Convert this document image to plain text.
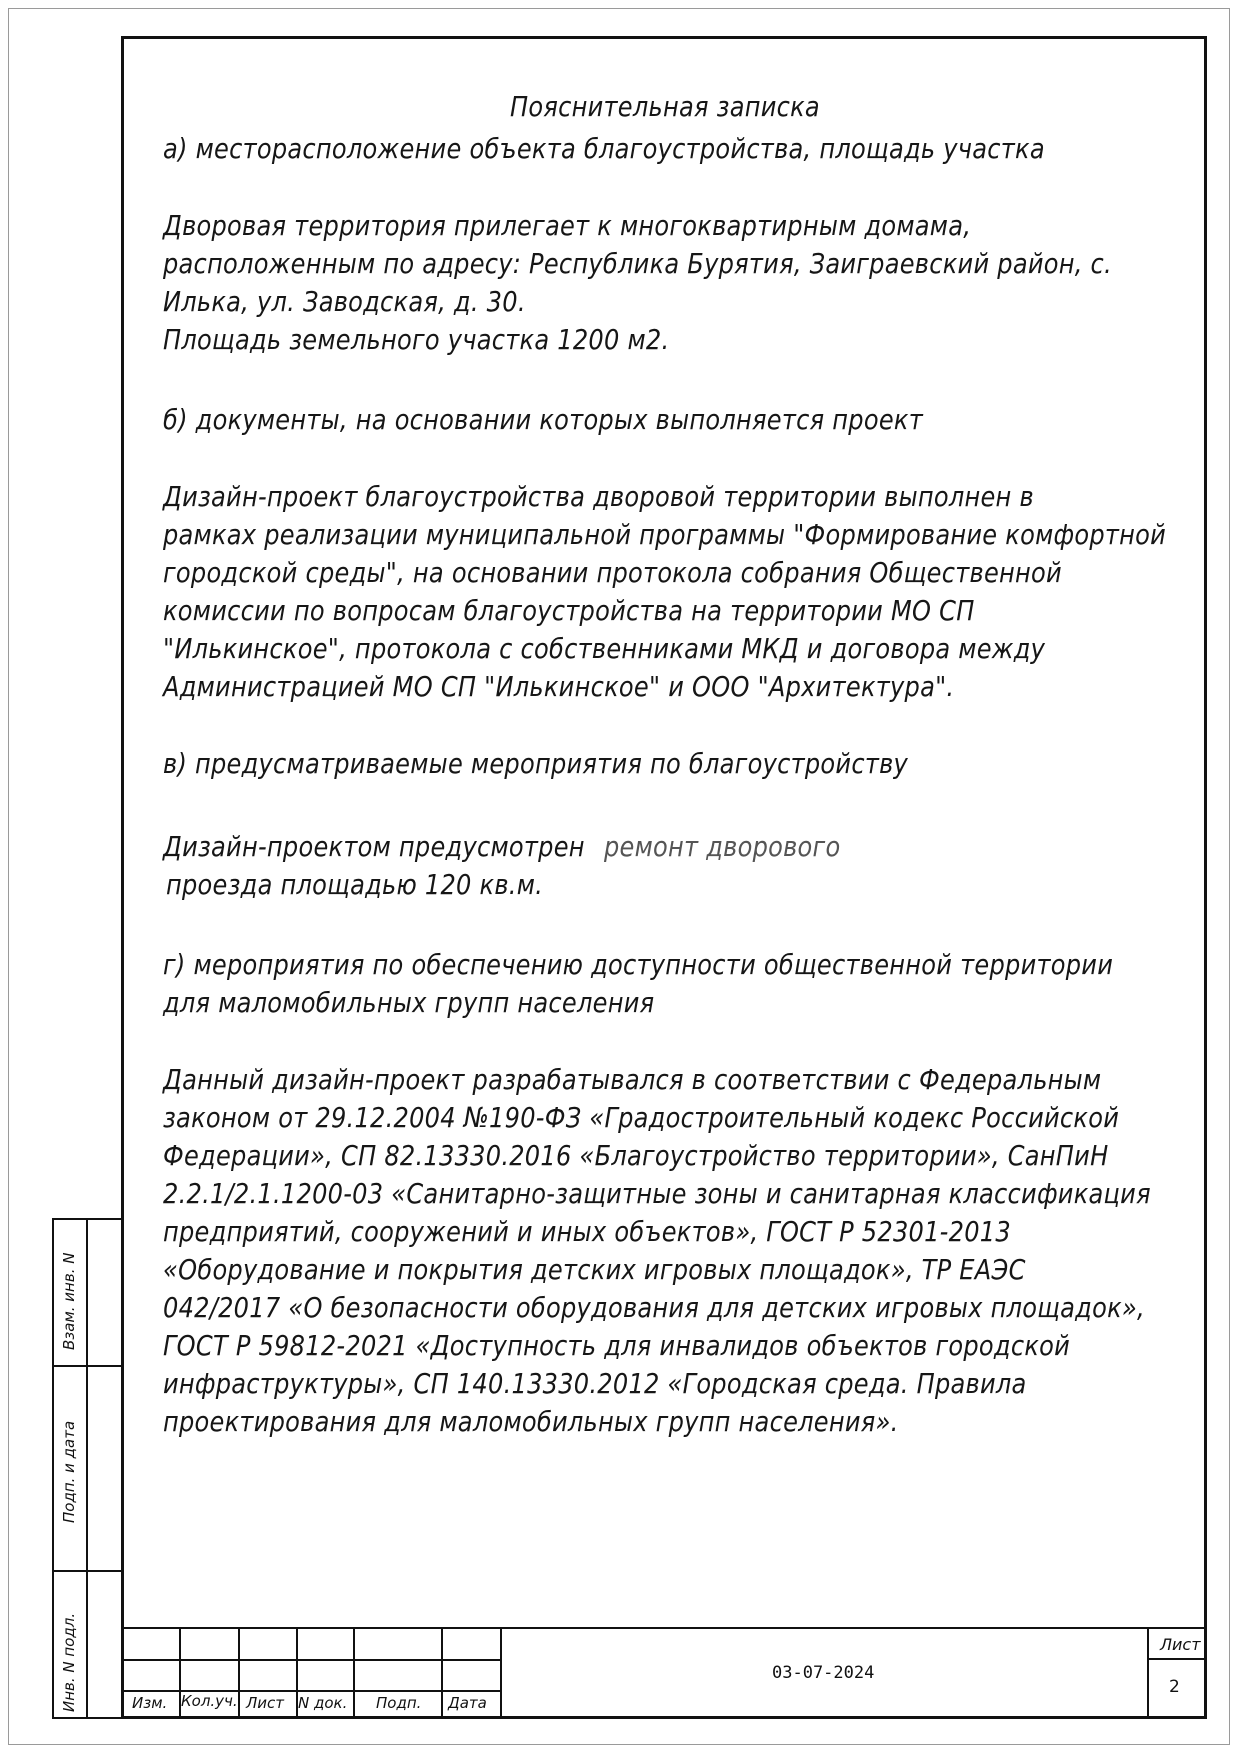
Пояснительная записка
а) месторасположение объекта благоустройства, площадь участка
Дворовая территория прилегает к многоквартирным домама,
расположенным по адресу: Республика Бурятия, Заиграевский район, с.
Илька, ул. Заводская, д. 30.
Площадь земельного участка 1200 м2.
б) документы, на основании которых выполняется проект
Дизайн-проект благоустройства дворовой территории выполнен в
рамках реализации муниципальной программы "Формирование комфортной
городской среды", на основании протокола собрания Общественной
комиссии по вопросам благоустройства на территории МО СП
"Илькинское", протокола с собственниками МКД и договора между
Администрацией МО СП "Илькинское" и ООО "Архитектура".
в) предусматриваемые мероприятия по благоустройству
Дизайн-проектом предусмотрен ремонт дворового
проезда площадью 120 кв.м.
г) мероприятия по обеспечению доступности общественной территории
для маломобильных групп населения
Данный дизайн-проект разрабатывался в соответствии с Федеральным
законом от 29.12.2004 №190-ФЗ «Градостроительный кодекс Российской
Федерации», СП 82.13330.2016 «Благоустройство территории», СанПиН
2.2.1/2.1.1200-03 «Санитарно-защитные зоны и санитарная классификация
предприятий, сооружений и иных объектов», ГОСТ Р 52301-2013
«Оборудование и покрытия детских игровых площадок», ТР ЕАЭС
042/2017 «О безопасности оборудования для детских игровых площадок»,
ГОСТ Р 59812-2021 «Доступность для инвалидов объектов городской
инфраструктуры», СП 140.13330.2012 «Городская среда. Правила
проектирования для маломобильных групп населения».
Инв. N подл.
Подп. и дата
Взам. инв. N
Изм. Кол.уч. Лист N док. Подп. Дата
03-07-2024
Лист
2
